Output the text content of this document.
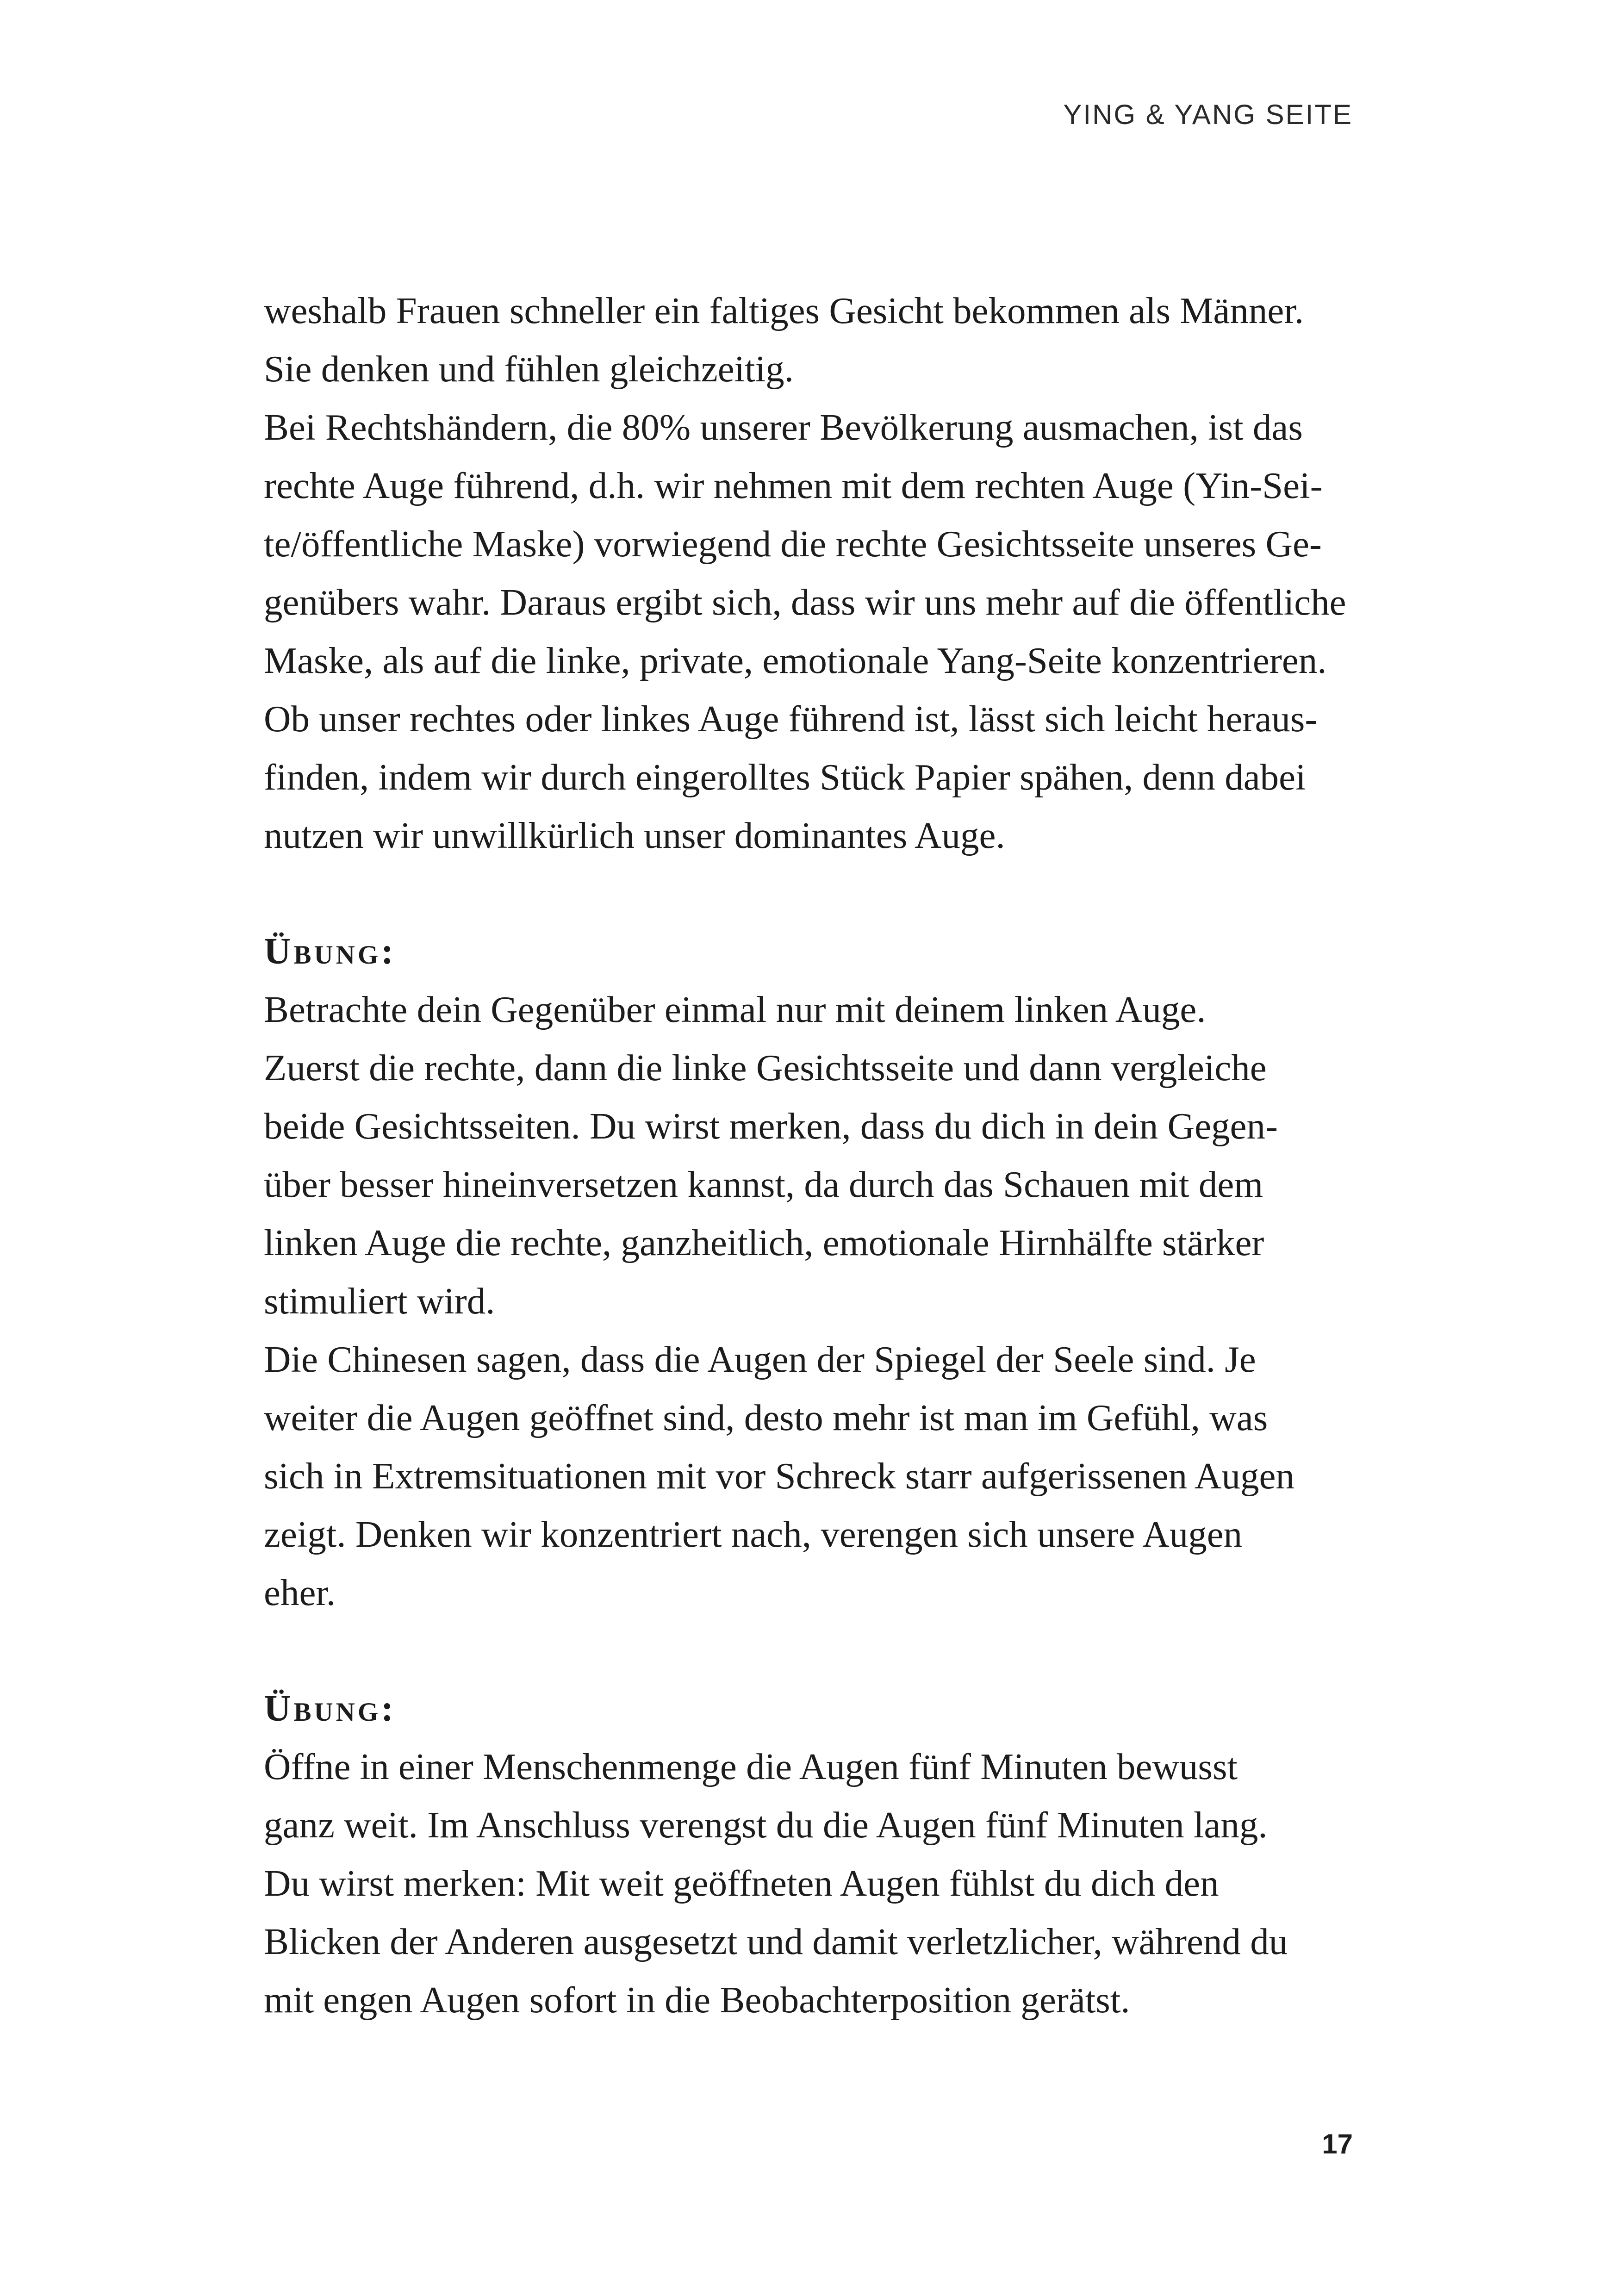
YING & YANG SEITE
weshalb Frauen schneller ein faltiges Gesicht bekommen als Männer.
Sie denken und fühlen gleichzeitig.
Bei Rechtshändern, die 80% unserer Bevölkerung ausmachen, ist das
rechte Auge führend, d.h. wir nehmen mit dem rechten Auge (Yin-Sei-
te/öffentliche Maske) vorwiegend die rechte Gesichtsseite unseres Ge-
genübers wahr. Daraus ergibt sich, dass wir uns mehr auf die öffentliche
Maske, als auf die linke, private, emotionale Yang-Seite konzentrieren.
Ob unser rechtes oder linkes Auge führend ist, lässt sich leicht heraus-
finden, indem wir durch eingerolltes Stück Papier spähen, denn dabei
nutzen wir unwillkürlich unser dominantes Auge.
Übung:
Betrachte dein Gegenüber einmal nur mit deinem linken Auge.
Zuerst die rechte, dann die linke Gesichtsseite und dann vergleiche
beide Gesichtsseiten. Du wirst merken, dass du dich in dein Gegen-
über besser hineinversetzen kannst, da durch das Schauen mit dem
linken Auge die rechte, ganzheitlich, emotionale Hirnhälfte stärker
stimuliert wird.
Die Chinesen sagen, dass die Augen der Spiegel der Seele sind. Je
weiter die Augen geöffnet sind, desto mehr ist man im Gefühl, was
sich in Extremsituationen mit vor Schreck starr aufgerissenen Augen
zeigt. Denken wir konzentriert nach, verengen sich unsere Augen
eher.
Übung:
Öffne in einer Menschenmenge die Augen fünf Minuten bewusst
ganz weit. Im Anschluss verengst du die Augen fünf Minuten lang.
Du wirst merken: Mit weit geöffneten Augen fühlst du dich den
Blicken der Anderen ausgesetzt und damit verletzlicher, während du
mit engen Augen sofort in die Beobachterposition gerätst.
17
